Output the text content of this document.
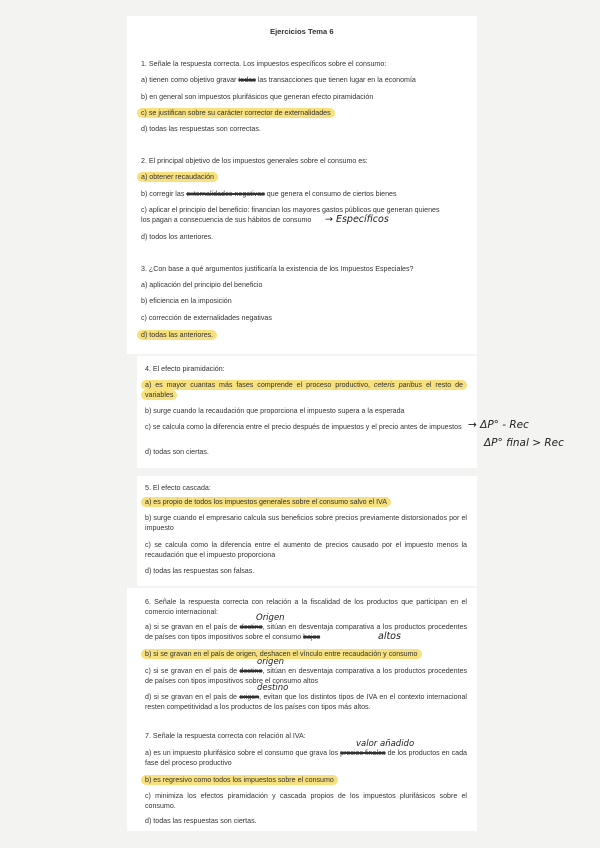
Ejercicios Tema 6
1. Señale la respuesta correcta. Los impuestos específicos sobre el consumo:
a) tienen como objetivo gravar todas las transacciones que tienen lugar en la economía
b) en general son impuestos plurifásicos que generan efecto piramidación
c) se justifican sobre su carácter corrector de externalidades
d) todas las respuestas son correctas.
2. El principal objetivo de los impuestos generales sobre el consumo es:
a) obtener recaudación
b) corregir las externalidades negativas que genera el consumo de ciertos bienes
c) aplicar el principio del beneficio: financian los mayores gastos públicos que generan quienes
los pagan a consecuencia de sus hábitos de consumo → Específicos
d) todos los anteriores.
3. ¿Con base a qué argumentos justificaría la existencia de los Impuestos Especiales?
a) aplicación del principio del beneficio
b) eficiencia en la imposición
c) corrección de externalidades negativas
d) todas las anteriores.
4. El efecto piramidación:
a) es mayor cuantas más fases comprende el proceso productivo, ceteris paribus el resto de variables
b) surge cuando la recaudación que proporciona el impuesto supera a la esperada
c) se calcula como la diferencia entre el precio después de impuestos y el precio antes de impuestos
d) todas son ciertas.
→ ΔP° - Rec
ΔP° final > Rec
5. El efecto cascada:
a) es propio de todos los impuestos generales sobre el consumo salvo el IVA
b) surge cuando el empresario calcula sus beneficios sobre precios previamente distorsionados por el impuesto
c) se calcula como la diferencia entre el aumento de precios causado por el impuesto menos la recaudación que el impuesto proporciona
d) todas las respuestas son falsas.
6. Señale la respuesta correcta con relación a la fiscalidad de los productos que participan en el comercio internacional:
Origen
a) si se gravan en el país de destino, sitúan en desventaja comparativa a los productos procedentes de países con tipos impositivos sobre el consumo bajos	altos
b) si se gravan en el país de origen, deshacen el vínculo entre recaudación y consumo
origen
c) si se gravan en el país de destino, sitúan en desventaja comparativa a los productos procedentes de países con tipos impositivos sobre el consumo altos
destino
d) si se gravan en el país de origen, evitan que los distintos tipos de IVA en el contexto internacional resten competitividad a los productos de los países con tipos más altos.
7. Señale la respuesta correcta con relación al IVA:
valor añadido
a) es un impuesto plurifásico sobre el consumo que grava los precios finales de los productos en cada fase del proceso productivo
b) es regresivo como todos los impuestos sobre el consumo
c) minimiza los efectos piramidación y cascada propios de los impuestos plurifásicos sobre el consumo.
d) todas las respuestas son ciertas.
